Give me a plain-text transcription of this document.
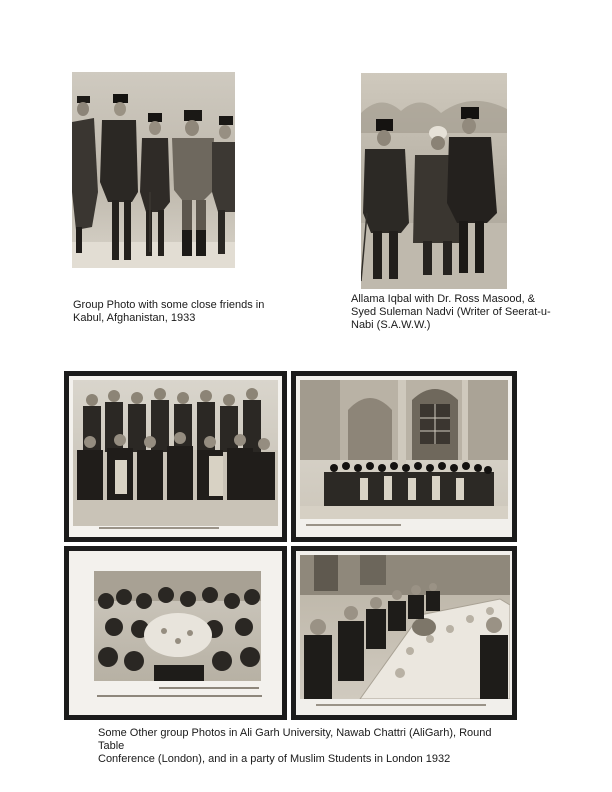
Group Photo with some close friends in
Kabul, Afghanistan, 1933
Allama Iqbal with Dr. Ross Masood, &
Syed Suleman Nadvi (Writer of Seerat-u-
Nabi (S.A.W.W.)
Some Other group Photos in Ali Garh University, Nawab Chattri (AliGarh), Round Table
Conference (London), and in a party of Muslim Students in London 1932
